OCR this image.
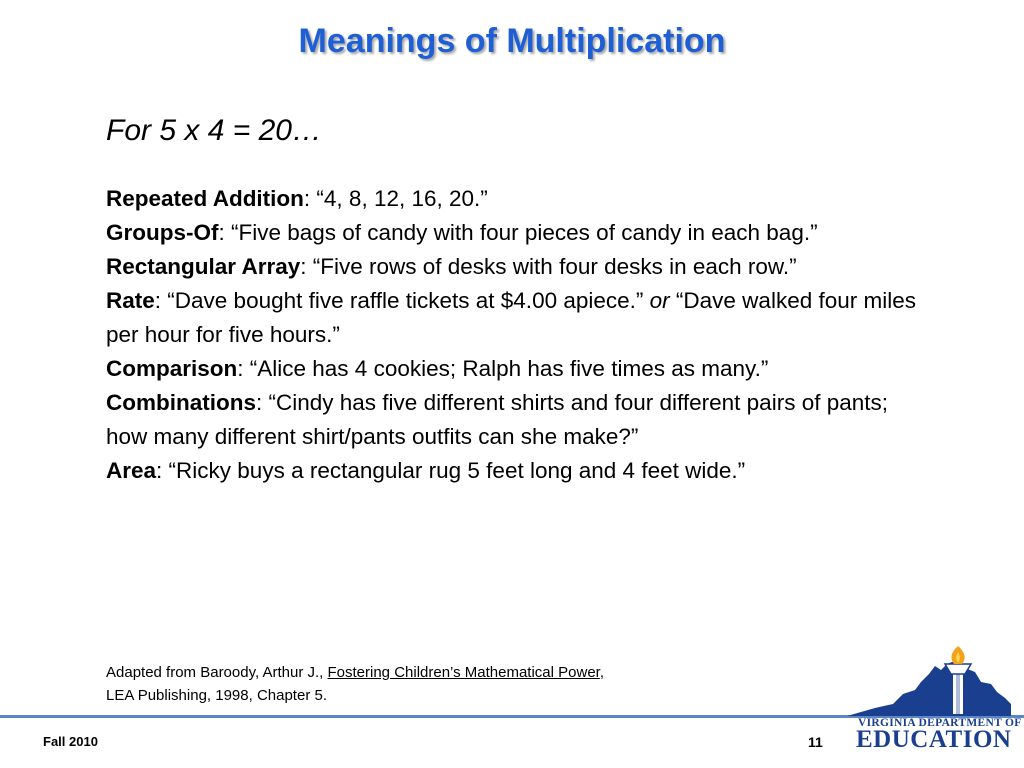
Meanings of Multiplication
For 5 x 4 = 20…

Repeated Addition: “4, 8, 12, 16, 20.”

Groups-Of: “Five bags of candy with four pieces of candy in each bag.”

Rectangular Array: “Five rows of desks with four desks in each row.”

Rate: “Dave bought five raffle tickets at $4.00 apiece.” or “Dave walked four miles per hour for five hours.”

Comparison: “Alice has 4 cookies; Ralph has five times as many.”

Combinations: “Cindy has five different shirts and four different pairs of pants; how many different shirt/pants outfits can she make?”

Area: “Ricky buys a rectangular rug 5 feet long and 4 feet wide.”

Adapted from Baroody, Arthur J., Fostering Children’s Mathematical Power,
LEA Publishing, 1998, Chapter 5.
Fall 2010	11
VIRGINIA DEPARTMENT OF
EDUCATION
